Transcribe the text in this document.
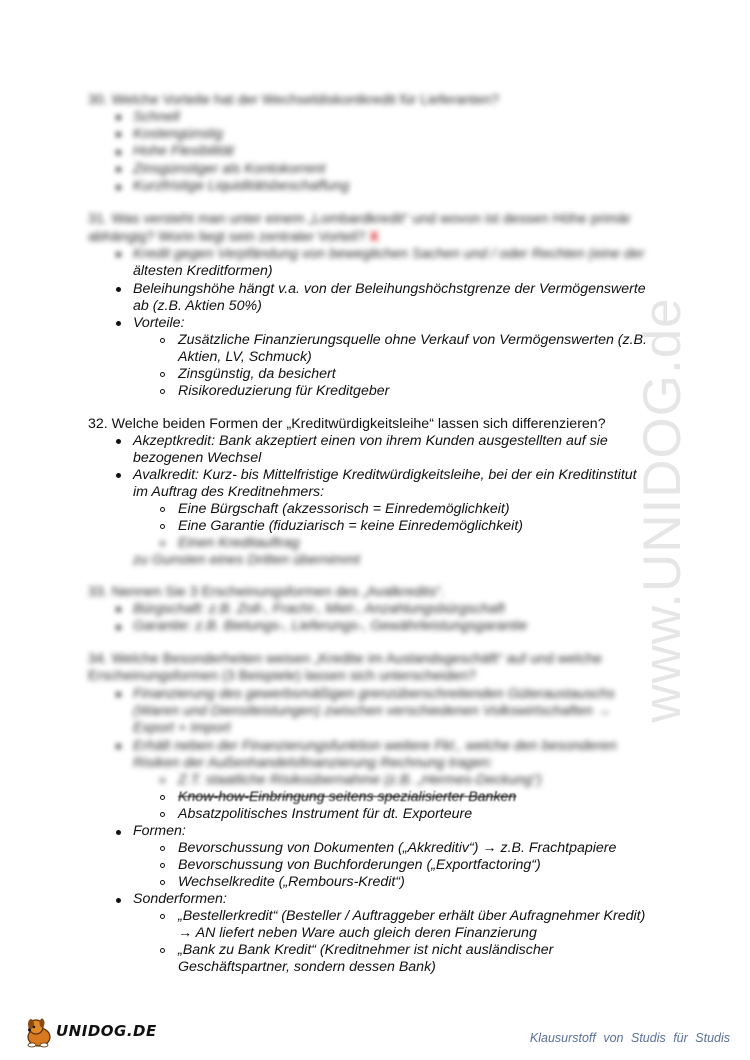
www.UNIDOG.de
30. Welche Vorteile hat der Wechseldiskontkredit für Lieferanten?
Schnell
Kostengünstig
Hohe Flexibilität
Zinsgünstiger als Kontokorrent
Kurzfristige Liquiditätsbeschaffung
31. Was versteht man unter einem „Lombardkredit“ und wovon ist dessen Höhe primär
abhängig? Worin liegt sein zentraler Vorteil? X
Kredit gegen Verpfändung von beweglichen Sachen und / oder Rechten (eine der
ältesten Kreditformen)
Beleihungshöhe hängt v.a. von der Beleihungshöchstgrenze der Vermögenswerte
ab (z.B. Aktien 50%)
Vorteile:
Zusätzliche Finanzierungsquelle ohne Verkauf von Vermögenswerten (z.B.
Aktien, LV, Schmuck)
Zinsgünstig, da besichert
Risikoreduzierung für Kreditgeber
32. Welche beiden Formen der „Kreditwürdigkeitsleihe“ lassen sich differenzieren?
Akzeptkredit: Bank akzeptiert einen von ihrem Kunden ausgestellten auf sie
bezogenen Wechsel
Avalkredit: Kurz- bis Mittelfristige Kreditwürdigkeitsleihe, bei der ein Kreditinstitut
im Auftrag des Kreditnehmers:
Eine Bürgschaft (akzessorisch = Einredemöglichkeit)
Eine Garantie (fiduziarisch = keine Einredemöglichkeit)
Einen Kreditauftrag
zu Gunsten eines Dritten übernimmt
33. Nennen Sie 3 Erscheinungsformen des „Avalkredits“.
Bürgschaft: z.B. Zoll-, Fracht-, Miet-, Anzahlungsbürgschaft
Garantie: z.B. Bietungs-, Lieferungs-, Gewährleistungsgarantie
34. Welche Besonderheiten weisen „Kredite im Auslandsgeschäft“ auf und welche
Erscheinungsformen (3 Beispiele) lassen sich unterscheiden?
Finanzierung des gewerbsmäßigen grenzüberschreitenden Güteraustauschs
(Waren und Dienstleistungen) zwischen verschiedenen Volkswirtschaften →
Export + Import
Erhält neben der Finanzierungsfunktion weitere Fkt., welche den besonderen
Risiken der Außenhandelsfinanzierung Rechnung tragen:
Z.T. staatliche Risikoübernahme (z.B. „Hermes-Deckung“)
Know-how-Einbringung seitens spezialisierter Banken
Absatzpolitisches Instrument für dt. Exporteure
Formen:
Bevorschussung von Dokumenten („Akkreditiv“) → z.B. Frachtpapiere
Bevorschussung von Buchforderungen („Exportfactoring“)
Wechselkredite („Rembours-Kredit“)
Sonderformen:
„Bestellerkredit“ (Besteller / Auftraggeber erhält über Aufragnehmer Kredit)
→ AN liefert neben Ware auch gleich deren Finanzierung
„Bank zu Bank Kredit“ (Kreditnehmer ist nicht ausländischer
Geschäftspartner, sondern dessen Bank)
UNIDOG.DE	Klausurstoff von Studis für Studis
